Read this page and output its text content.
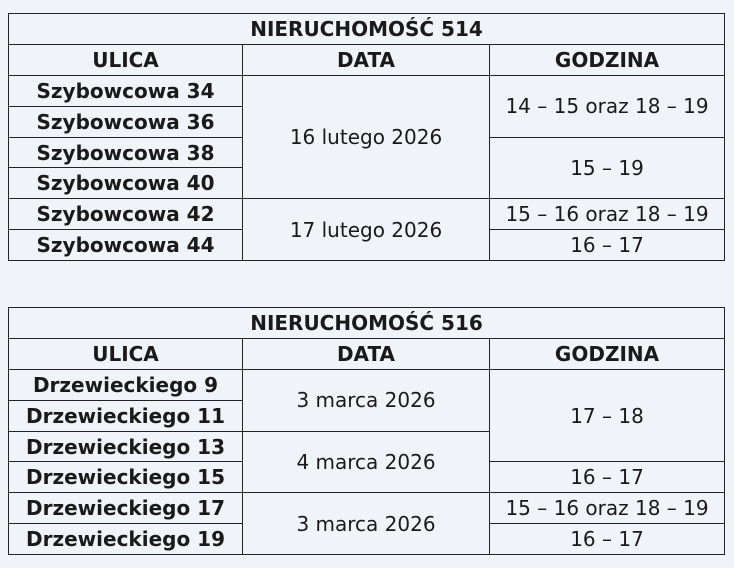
NIERUCHOMOŚĆ 514		
ULICA	DATA	GODZINA
Szybowcowa 34	16 lutego 2026	14 – 15 oraz 18 – 19
Szybowcowa 36		
Szybowcowa 38		15 – 19
Szybowcowa 40		
Szybowcowa 42	17 lutego 2026	15 – 16 oraz 18 – 19
Szybowcowa 44		16 – 17
NIERUCHOMOŚĆ 516		
ULICA	DATA	GODZINA
Drzewieckiego 9	3 marca 2026	17 – 18
Drzewieckiego 11		
Drzewieckiego 13	4 marca 2026	
Drzewieckiego 15		16 – 17
Drzewieckiego 17	3 marca 2026	15 – 16 oraz 18 – 19
Drzewieckiego 19		16 – 17
